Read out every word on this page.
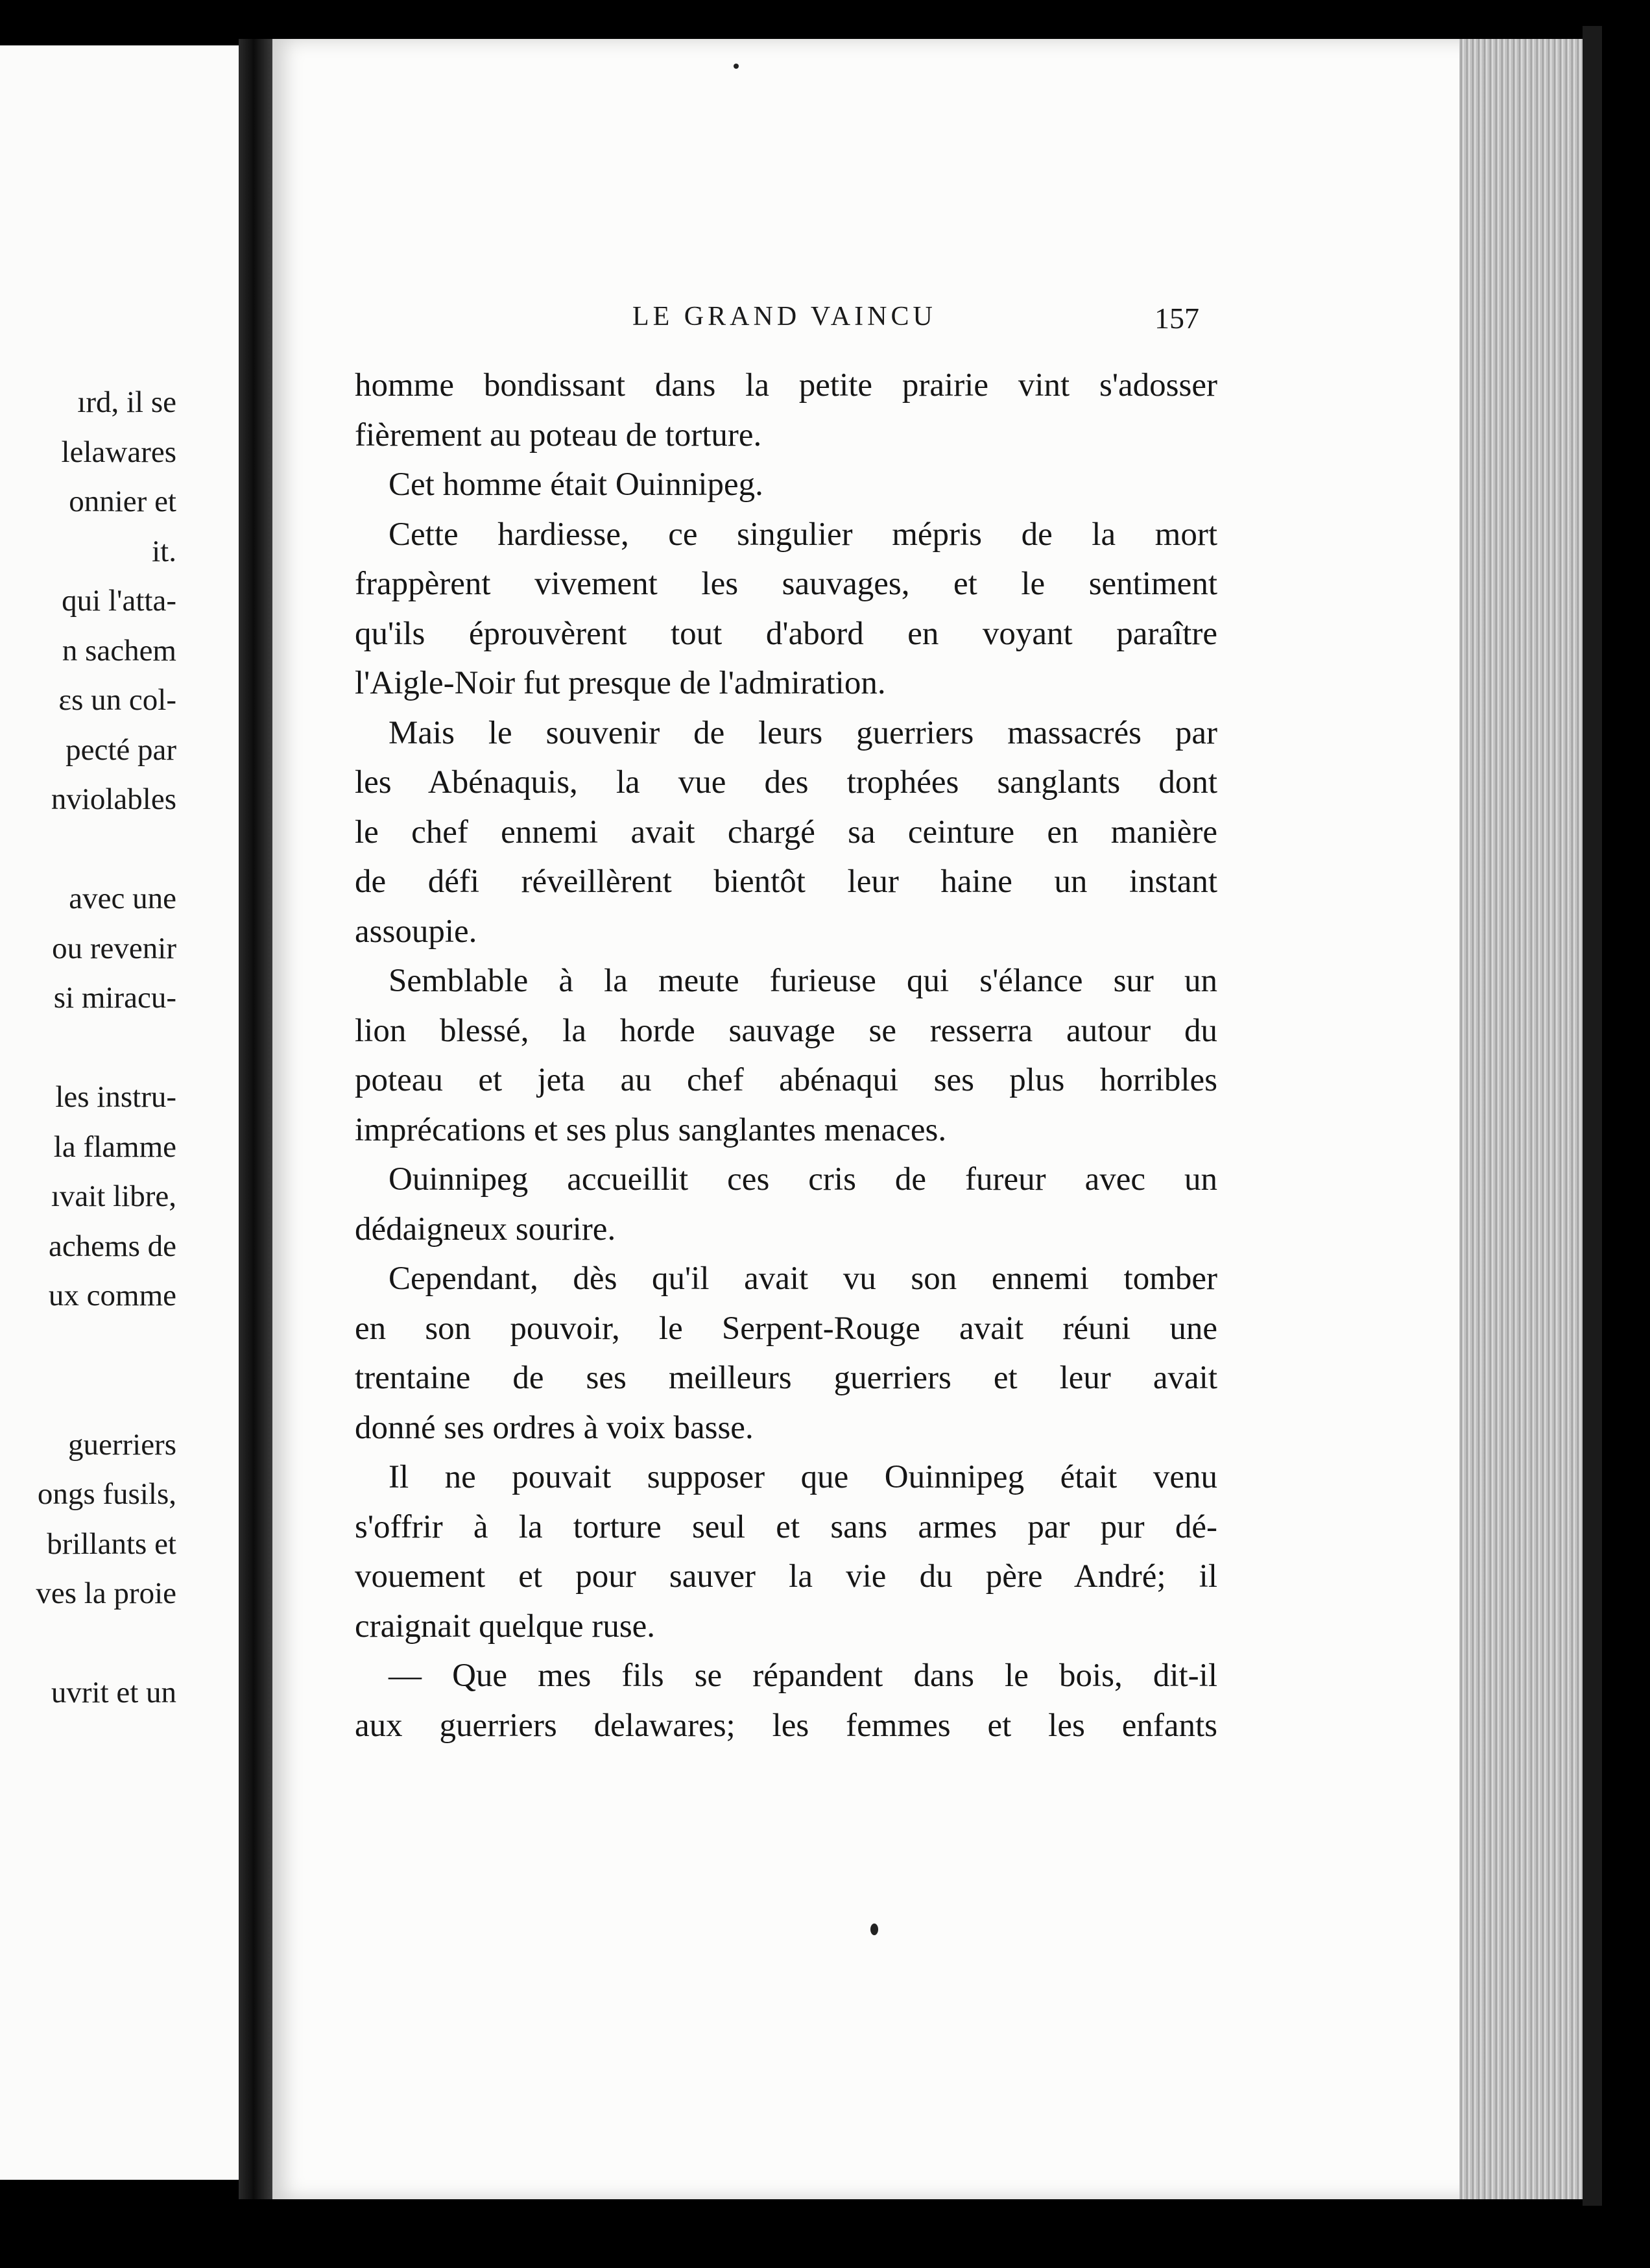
ırd, il se
lelawares
onnier et
it.
qui l'atta-
n sachem
ɛs un col-
pecté par
nviolables
avec une
ou revenir
si miracu-
les instru-
la flamme
ıvait libre,
achems de
ux comme
guerriers
ongs fusils,
brillants et
ves la proie
uvrit et un
LE GRAND VAINCU	157
homme bondissant dans la petite prairie vint s'adosser
fièrement au poteau de torture.
Cet homme était Ouinnipeg.
Cette hardiesse, ce singulier mépris de la mort
frappèrent vivement les sauvages, et le sentiment
qu'ils éprouvèrent tout d'abord en voyant paraître
l'Aigle-Noir fut presque de l'admiration.
Mais le souvenir de leurs guerriers massacrés par
les Abénaquis, la vue des trophées sanglants dont
le chef ennemi avait chargé sa ceinture en manière
de défi réveillèrent bientôt leur haine un instant
assoupie.
Semblable à la meute furieuse qui s'élance sur un
lion blessé, la horde sauvage se resserra autour du
poteau et jeta au chef abénaqui ses plus horribles
imprécations et ses plus sanglantes menaces.
Ouinnipeg accueillit ces cris de fureur avec un
dédaigneux sourire.
Cependant, dès qu'il avait vu son ennemi tomber
en son pouvoir, le Serpent-Rouge avait réuni une
trentaine de ses meilleurs guerriers et leur avait
donné ses ordres à voix basse.
Il ne pouvait supposer que Ouinnipeg était venu
s'offrir à la torture seul et sans armes par pur dé-
vouement et pour sauver la vie du père André; il
craignait quelque ruse.
— Que mes fils se répandent dans le bois, dit-il
aux guerriers delawares; les femmes et les enfants
